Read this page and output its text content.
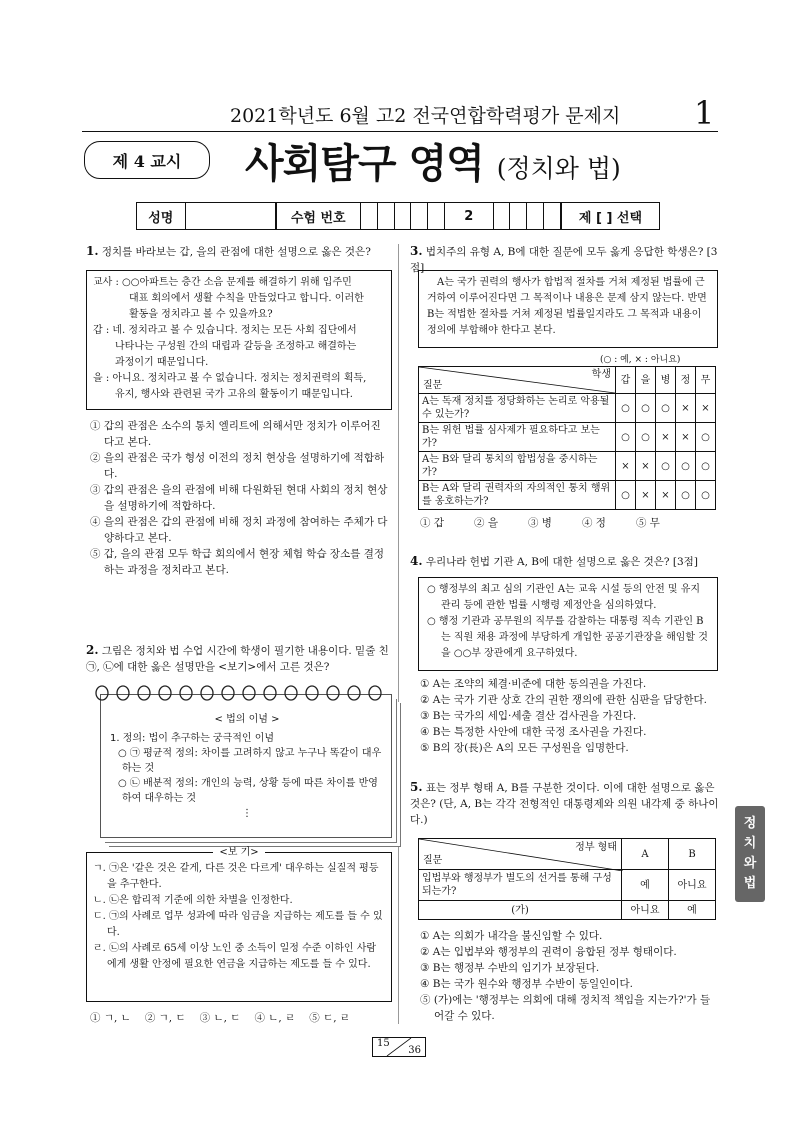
2021학년도 6월 고2 전국연합학력평가 문제지 1
제 4 교시	사회탐구 영역 (정치와 법)
성명	수험 번호	2	제 [ ] 선택
1. 정치를 바라보는 갑, 을의 관점에 대한 설명으로 옳은 것은?
교사 : ○○아파트는 층간 소음 문제를 해결하기 위해 입주민
대표 회의에서 생활 수칙을 만들었다고 합니다. 이러한
활동을 정치라고 볼 수 있을까요?
갑 : 네. 정치라고 볼 수 있습니다. 정치는 모든 사회 집단에서
나타나는 구성원 간의 대립과 갈등을 조정하고 해결하는
과정이기 때문입니다.
을 : 아니요. 정치라고 볼 수 없습니다. 정치는 정치권력의 획득,
유지, 행사와 관련된 국가 고유의 활동이기 때문입니다.
① 갑의 관점은 소수의 통치 엘리트에 의해서만 정치가 이루어진다고 본다.
② 을의 관점은 국가 형성 이전의 정치 현상을 설명하기에 적합하다.
③ 갑의 관점은 을의 관점에 비해 다원화된 현대 사회의 정치 현상을 설명하기에 적합하다.
④ 을의 관점은 갑의 관점에 비해 정치 과정에 참여하는 주체가 다양하다고 본다.
⑤ 갑, 을의 관점 모두 학급 회의에서 현장 체험 학습 장소를 결정하는 과정을 정치라고 본다.
2. 그림은 정치와 법 수업 시간에 학생이 필기한 내용이다. 밑줄 친 ㉠, ㉡에 대한 옳은 설명만을 <보기>에서 고른 것은?
< 법의 이념 >
1. 정의: 법이 추구하는 궁극적인 이념
○ ㉠ 평균적 정의: 차이를 고려하지 않고 누구나 똑같이 대우하는 것
○ ㉡ 배분적 정의: 개인의 능력, 상황 등에 따른 차이를 반영하여 대우하는 것
⋮
<보 기>
ㄱ. ㉠은 '같은 것은 같게, 다른 것은 다르게' 대우하는 실질적 평등을 추구한다.
ㄴ. ㉡은 합리적 기준에 의한 차별을 인정한다.
ㄷ. ㉠의 사례로 업무 성과에 따라 임금을 지급하는 제도를 들 수 있다.
ㄹ. ㉡의 사례로 65세 이상 노인 중 소득이 일정 수준 이하인 사람에게 생활 안정에 필요한 연금을 지급하는 제도를 들 수 있다.
① ㄱ, ㄴ ② ㄱ, ㄷ ③ ㄴ, ㄷ ④ ㄴ, ㄹ ⑤ ㄷ, ㄹ
3. 법치주의 유형 A, B에 대한 질문에 모두 옳게 응답한 학생은? [3점]
A는 국가 권력의 행사가 합법적 절차를 거쳐 제정된 법률에 근거하여 이루어진다면 그 목적이나 내용은 문제 삼지 않는다. 반면 B는 적법한 절차를 거쳐 제정된 법률일지라도 그 목적과 내용이 정의에 부합해야 한다고 본다.
(○ : 예, × : 아니요)
학생
질문	갑	을	병	정	무
A는 독재 정치를 정당화하는 논리로 악용될 수 있는가?	○	○	○	×	×
B는 위헌 법률 심사제가 필요하다고 보는가?	○	○	×	×	○
A는 B와 달리 통치의 합법성을 중시하는가?	×	×	○	○	○
B는 A와 달리 권력자의 자의적인 통치 행위를 옹호하는가?	○	×	×	○	○
① 갑	② 을	③ 병	④ 정	⑤ 무
4. 우리나라 헌법 기관 A, B에 대한 설명으로 옳은 것은? [3점]
○ 행정부의 최고 심의 기관인 A는 교육 시설 등의 안전 및 유지 관리 등에 관한 법률 시행령 제정안을 심의하였다.
○ 행정 기관과 공무원의 직무를 감찰하는 대통령 직속 기관인 B는 직원 채용 과정에 부당하게 개입한 공공기관장을 해임할 것을 ○○부 장관에게 요구하였다.
① A는 조약의 체결·비준에 대한 동의권을 가진다.
② A는 국가 기관 상호 간의 권한 쟁의에 관한 심판을 담당한다.
③ B는 국가의 세입·세출 결산 검사권을 가진다.
④ B는 특정한 사안에 대한 국정 조사권을 가진다.
⑤ B의 장(長)은 A의 모든 구성원을 임명한다.
5. 표는 정부 형태 A, B를 구분한 것이다. 이에 대한 설명으로 옳은 것은? (단, A, B는 각각 전형적인 대통령제와 의원 내각제 중 하나이다.)
정부 형태
질문	A	B
입법부와 행정부가 별도의 선거를 통해 구성되는가?	예	아니요
(가)	아니요	예
① A는 의회가 내각을 불신임할 수 있다.
② A는 입법부와 행정부의 권력이 융합된 정부 형태이다.
③ B는 행정부 수반의 임기가 보장된다.
④ B는 국가 원수와 행정부 수반이 동일인이다.
⑤ (가)에는 '행정부는 의회에 대해 정치적 책임을 지는가?'가 들어갈 수 있다.
정
치
와
법
15
36
